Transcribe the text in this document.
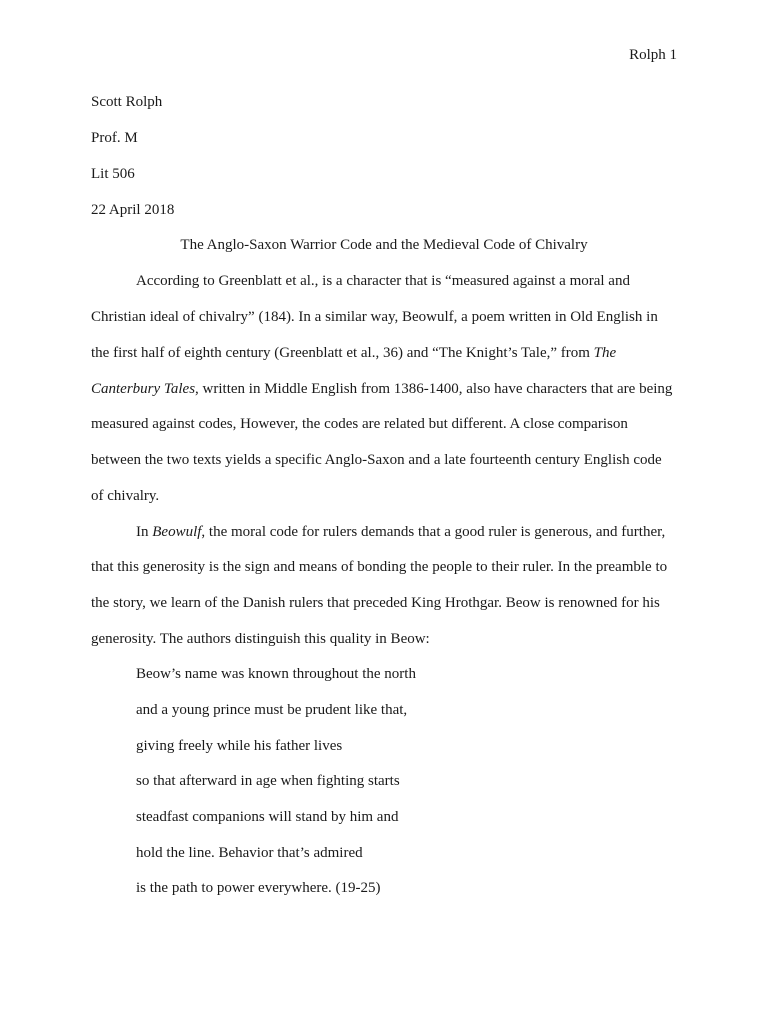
Rolph 1
Scott Rolph
Prof. M
Lit 506
22 April 2018
The Anglo-Saxon Warrior Code and the Medieval Code of Chivalry
According to Greenblatt et al., is a character that is “measured against a moral and
Christian ideal of chivalry” (184). In a similar way, Beowulf, a poem written in Old English in
the first half of eighth century (Greenblatt et al., 36) and “The Knight’s Tale,” from The
Canterbury Tales, written in Middle English from 1386-1400, also have characters that are being
measured against codes, However, the codes are related but different. A close comparison
between the two texts yields a specific Anglo-Saxon and a late fourteenth century English code
of chivalry.
In Beowulf, the moral code for rulers demands that a good ruler is generous, and further,
that this generosity is the sign and means of bonding the people to their ruler. In the preamble to
the story, we learn of the Danish rulers that preceded King Hrothgar. Beow is renowned for his
generosity. The authors distinguish this quality in Beow:
Beow’s name was known throughout the north
and a young prince must be prudent like that,
giving freely while his father lives
so that afterward in age when fighting starts
steadfast companions will stand by him and
hold the line. Behavior that’s admired
is the path to power everywhere. (19-25)
